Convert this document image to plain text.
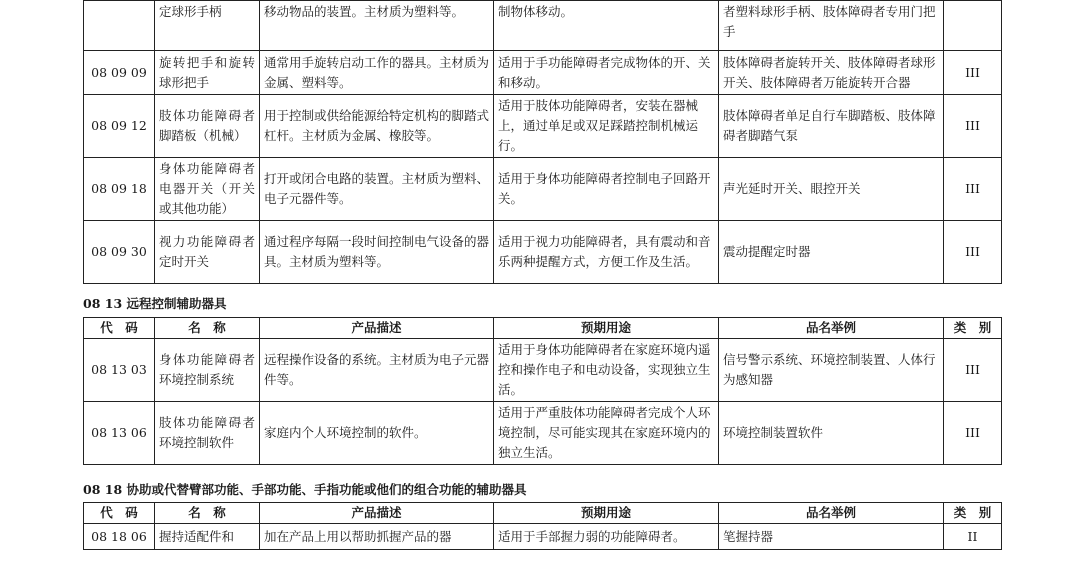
	定球形手柄	移动物品的装置。主材质为塑料等。	制物体移动。	者塑料球形手柄、肢体障碍者专用门把手	
08 09 09	旋转把手和旋转球形把手	通常用手旋转启动工作的器具。主材质为金属、塑料等。	适用于手功能障碍者完成物体的开、关和移动。	肢体障碍者旋转开关、肢体障碍者球形开关、肢体障碍者万能旋转开合器	III
08 09 12	肢体功能障碍者脚踏板（机械）	用于控制或供给能源给特定机构的脚踏式杠杆。主材质为金属、橡胶等。	适用于肢体功能障碍者，安装在器械上，通过单足或双足踩踏控制机械运行。	肢体障碍者单足自行车脚踏板、肢体障碍者脚踏气泵	III
08 09 18	身体功能障碍者电器开关（开关或其他功能）	打开或闭合电路的装置。主材质为塑料、电子元器件等。	适用于身体功能障碍者控制电子回路开关。	声光延时开关、眼控开关	III
08 09 30	视力功能障碍者定时开关	通过程序每隔一段时间控制电气设备的器具。主材质为塑料等。	适用于视力功能障碍者，具有震动和音乐两种提醒方式，方便工作及生活。	震动提醒定时器	III
08 13 远程控制辅助器具
代　码	名　称	产品描述	预期用途	品名举例	类　别
08 13 03	身体功能障碍者环境控制系统	远程操作设备的系统。主材质为电子元器件等。	适用于身体功能障碍者在家庭环境内遥控和操作电子和电动设备，实现独立生活。	信号警示系统、环境控制装置、人体行为感知器	III
08 13 06	肢体功能障碍者环境控制软件	家庭内个人环境控制的软件。	适用于严重肢体功能障碍者完成个人环境控制，尽可能实现其在家庭环境内的独立生活。	环境控制装置软件	III
08 18 协助或代替臂部功能、手部功能、手指功能或他们的组合功能的辅助器具
代　码	名　称	产品描述	预期用途	品名举例	类　别
08 18 06	握持适配件和	加在产品上用以帮助抓握产品的器	适用于手部握力弱的功能障碍者。	笔握持器	II
